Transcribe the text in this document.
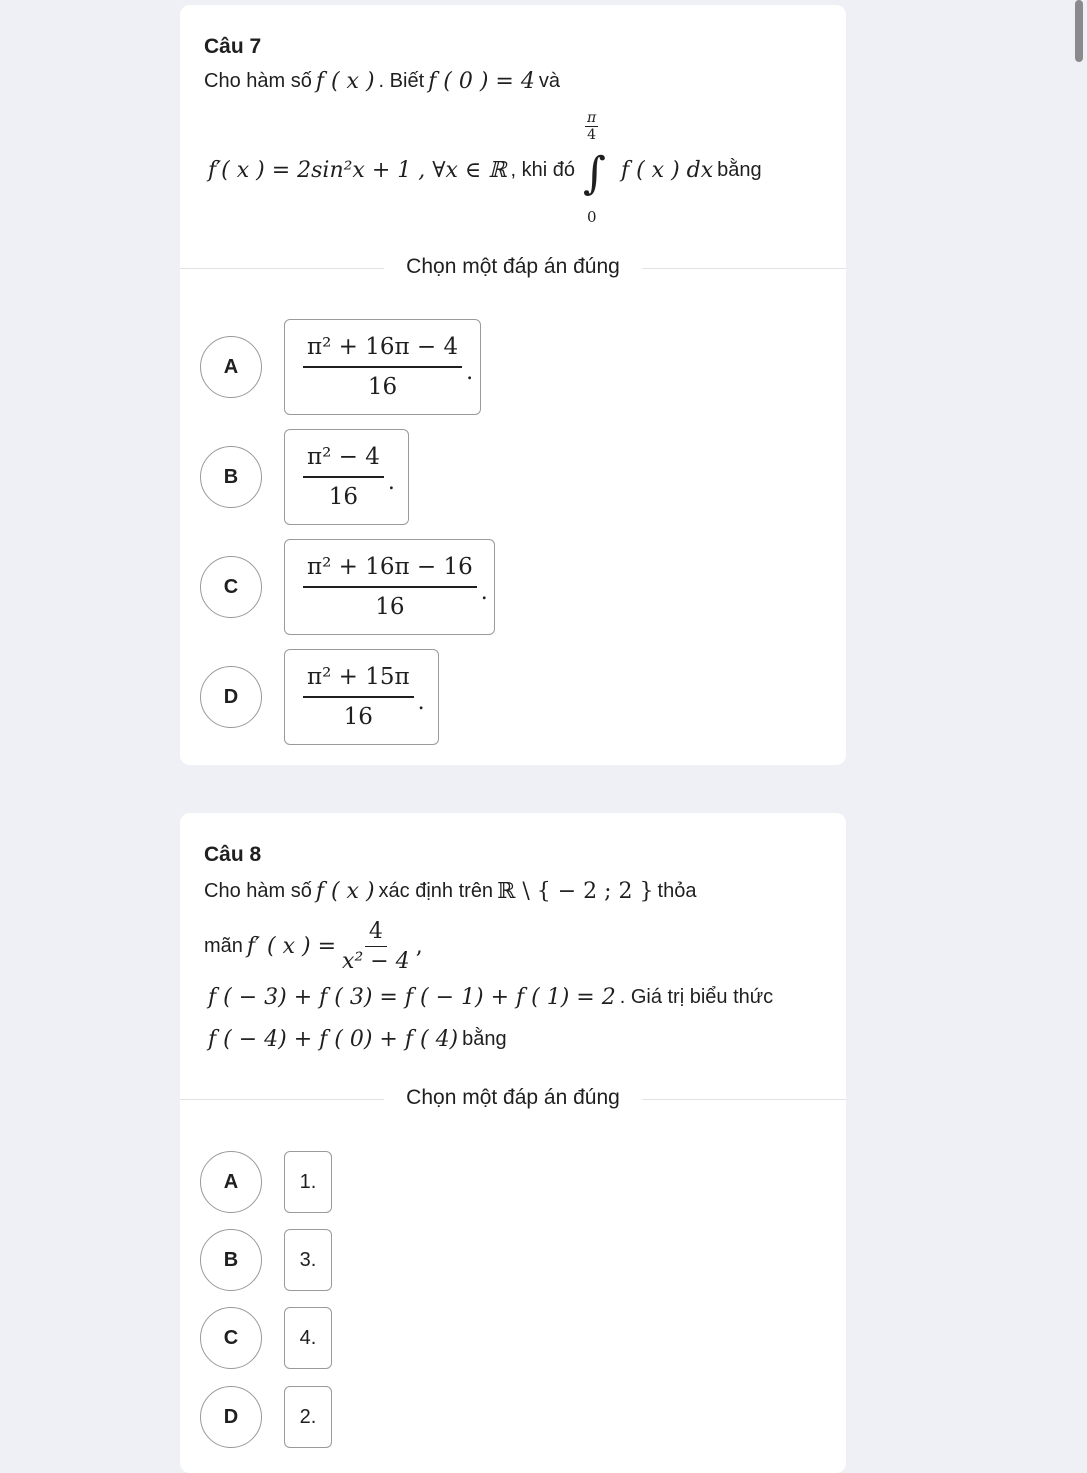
Câu 7
Cho hàm số f ( x ) . Biết f ( 0 ) = 4 và
f′( x ) = 2sin²x + 1 , ∀x ∈ ℝ , khi đó
$\frac{\pi}{4}$
∫
0
f ( x ) dx bằng
Chọn một đáp án đúng
A	$\frac{\text{π² + 16π − 4}}{16}$ .
B	$\frac{\text{π² − 4}}{16}$ .
C	$\frac{\text{π² + 16π − 16}}{16}$ .
D	$\frac{\text{π² + 15π}}{16}$ .
Câu 8
Cho hàm số f ( x ) xác định trên ℝ \ { − 2 ; 2 } thỏa
mãn f′ ( x ) = $\frac{4}{\text{x² − 4}}$ ,
f ( − 3) + f ( 3) = f ( − 1) + f ( 1) = 2 . Giá trị biểu thức
f ( − 4) + f ( 0) + f ( 4) bằng
Chọn một đáp án đúng
A	1.
B	3.
C	4.
D	2.
